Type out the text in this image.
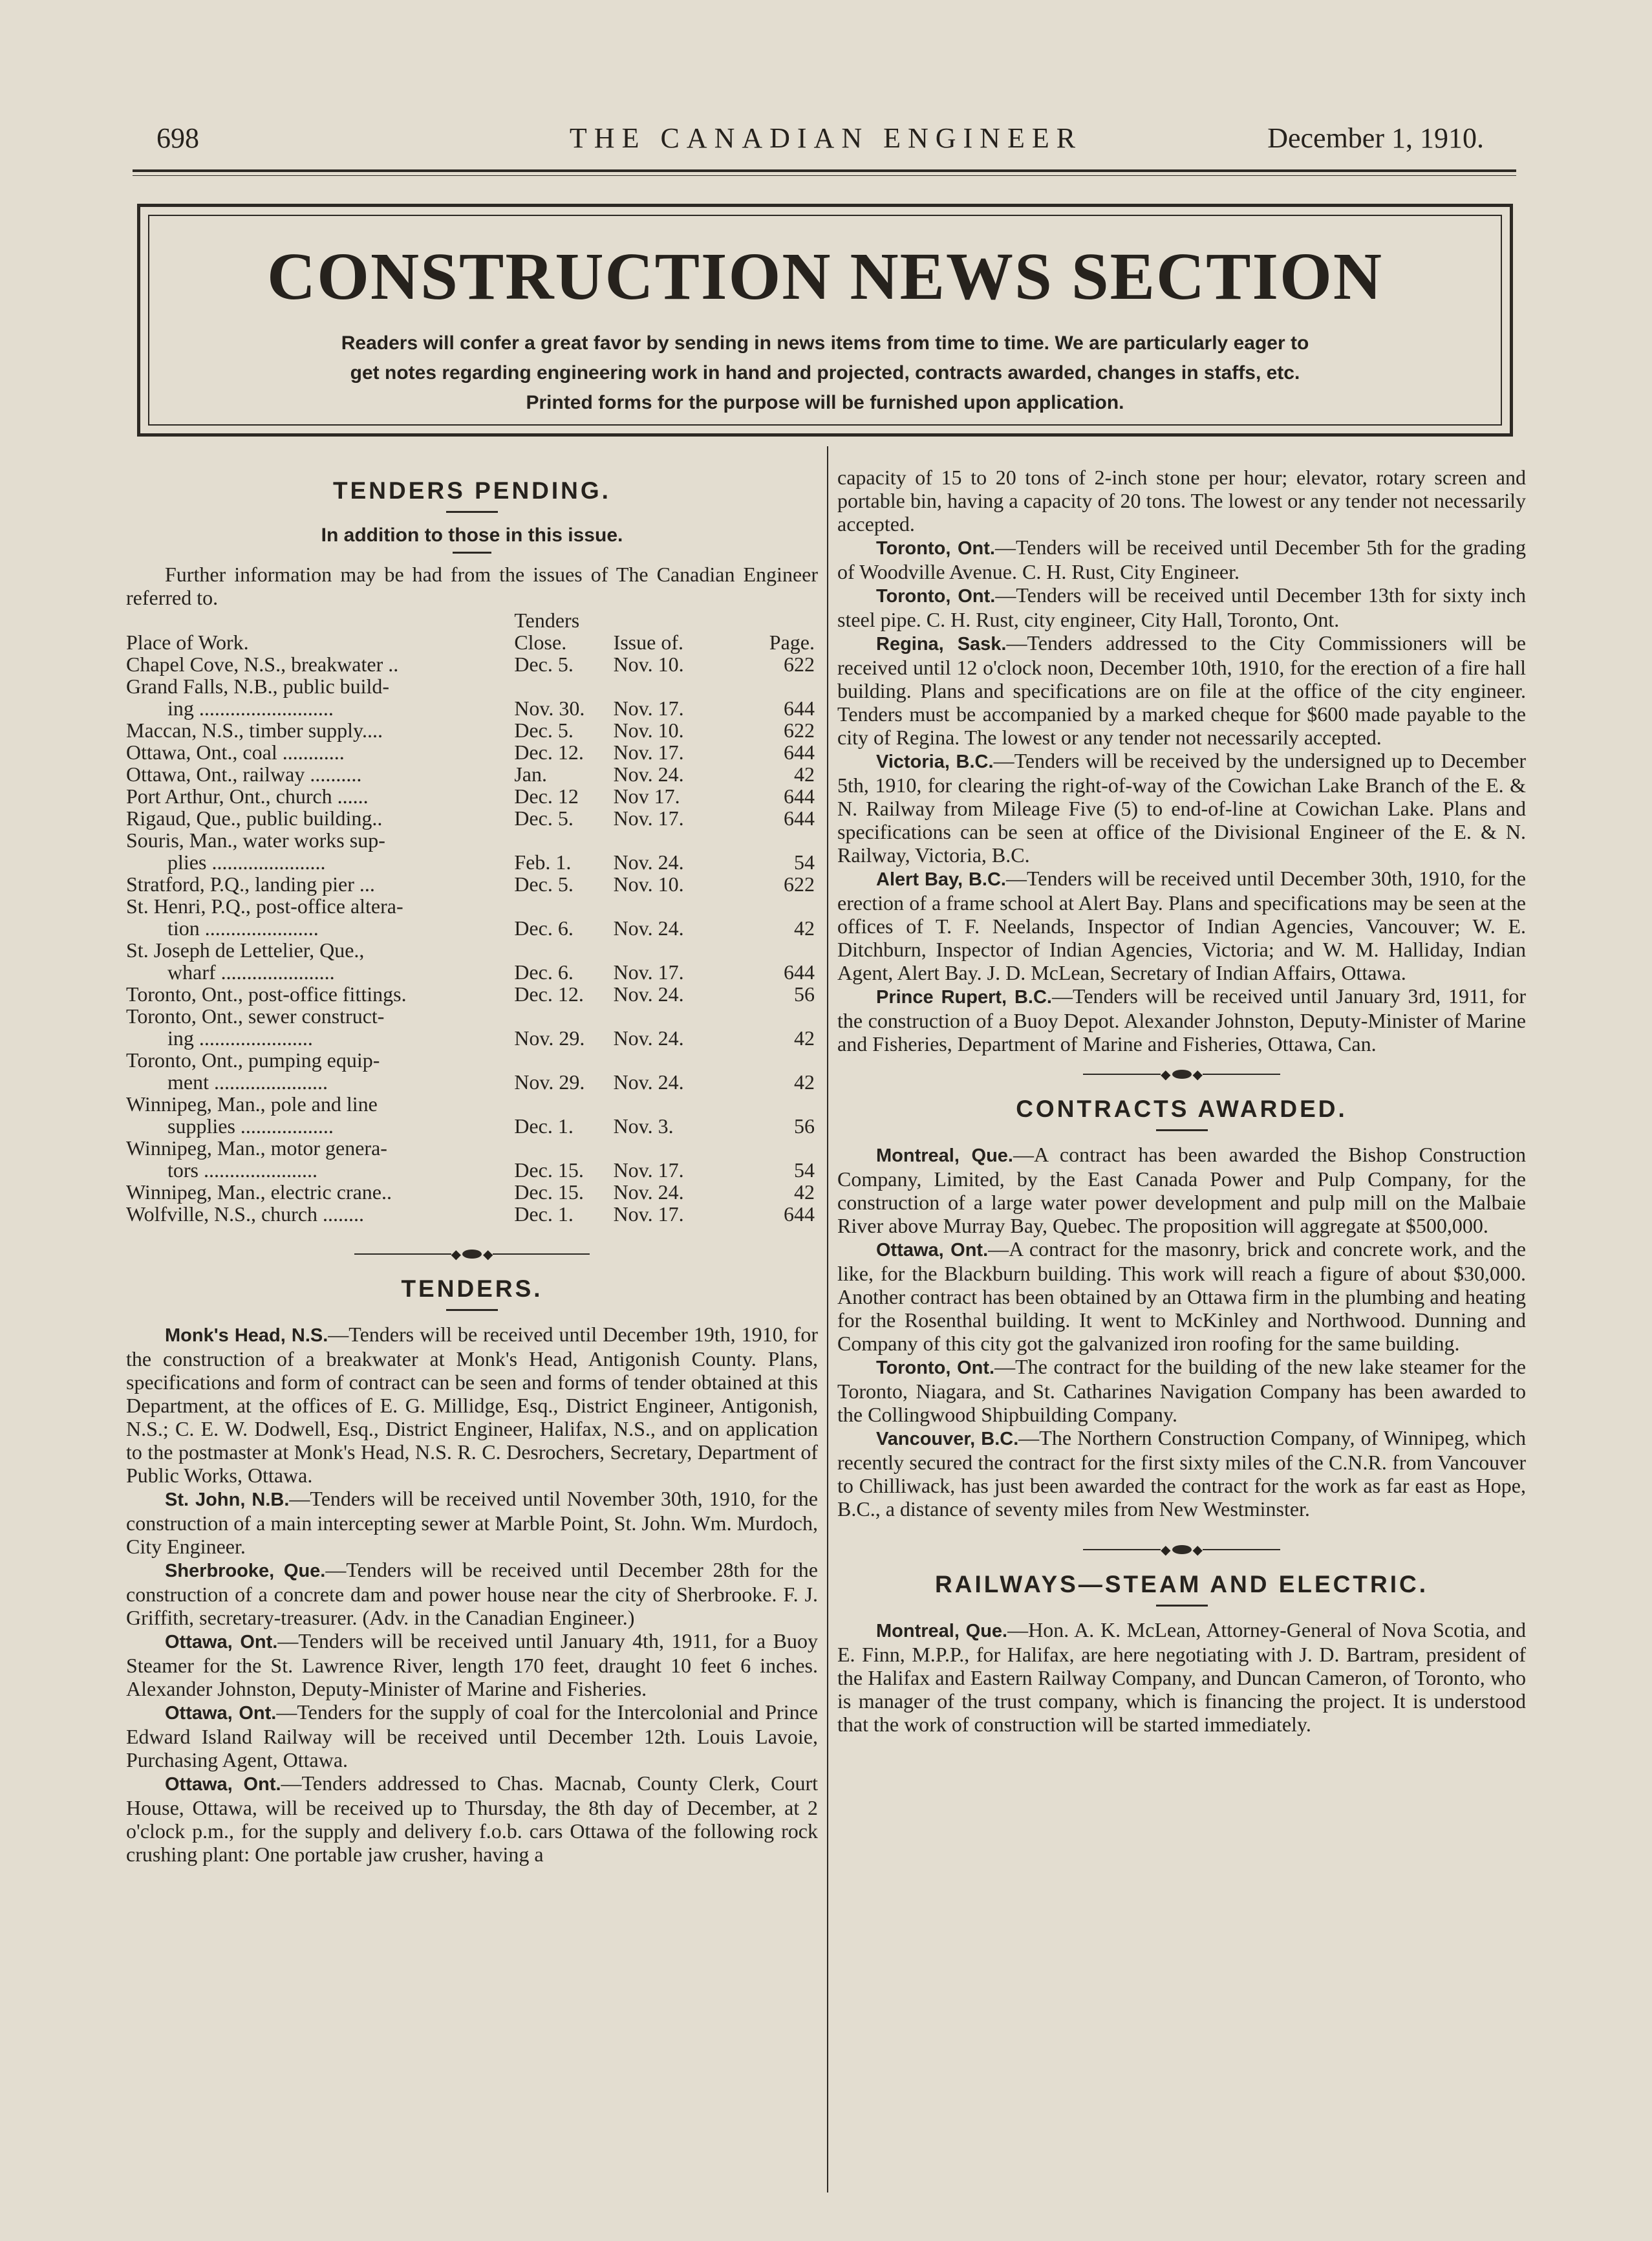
698	THE CANADIAN ENGINEER	December 1, 1910.
CONSTRUCTION NEWS SECTION
Readers will confer a great favor by sending in news items from time to time. We are particularly eager to
get notes regarding engineering work in hand and projected, contracts awarded, changes in staffs, etc.
Printed forms for the purpose will be furnished upon application.
TENDERS PENDING.
In addition to those in this issue.

Further information may be had from the issues of The Canadian Engineer referred to.

	Tenders		
Place of Work.	Close.	Issue of.	Page.
Chapel Cove, N.S., breakwater ..	Dec. 5.	Nov. 10.	622
Grand Falls, N.B., public build-			
ing ..........................	Nov. 30.	Nov. 17.	644
Maccan, N.S., timber supply....	Dec. 5.	Nov. 10.	622
Ottawa, Ont., coal ............	Dec. 12.	Nov. 17.	644
Ottawa, Ont., railway ..........	Jan.	Nov. 24.	42
Port Arthur, Ont., church ......	Dec. 12	Nov 17.	644
Rigaud, Que., public building..	Dec. 5.	Nov. 17.	644
Souris, Man., water works sup-			
plies ......................	Feb. 1.	Nov. 24.	54
Stratford, P.Q., landing pier ...	Dec. 5.	Nov. 10.	622
St. Henri, P.Q., post-office altera-			
tion ......................	Dec. 6.	Nov. 24.	42
St. Joseph de Lettelier, Que.,			
wharf ......................	Dec. 6.	Nov. 17.	644
Toronto, Ont., post-office fittings.	Dec. 12.	Nov. 24.	56
Toronto, Ont., sewer construct-			
ing ......................	Nov. 29.	Nov. 24.	42
Toronto, Ont., pumping equip-			
ment ......................	Nov. 29.	Nov. 24.	42
Winnipeg, Man., pole and line			
supplies ..................	Dec. 1.	Nov. 3.	56
Winnipeg, Man., motor genera-			
tors ......................	Dec. 15.	Nov. 17.	54
Winnipeg, Man., electric crane..	Dec. 15.	Nov. 24.	42
Wolfville, N.S., church ........	Dec. 1.	Nov. 17.	644
◆ ◆
TENDERS.

Monk's Head, N.S.—Tenders will be received until December 19th, 1910, for the construction of a breakwater at Monk's Head, Antigonish County. Plans, specifications and form of contract can be seen and forms of tender obtained at this Department, at the offices of E. G. Millidge, Esq., District Engineer, Antigonish, N.S.; C. E. W. Dodwell, Esq., District Engineer, Halifax, N.S., and on application to the postmaster at Monk's Head, N.S. R. C. Desrochers, Secretary, Department of Public Works, Ottawa.

St. John, N.B.—Tenders will be received until November 30th, 1910, for the construction of a main intercepting sewer at Marble Point, St. John. Wm. Murdoch, City Engineer.

Sherbrooke, Que.—Tenders will be received until December 28th for the construction of a concrete dam and power house near the city of Sherbrooke. F. J. Griffith, secretary-treasurer. (Adv. in the Canadian Engineer.)

Ottawa, Ont.—Tenders will be received until January 4th, 1911, for a Buoy Steamer for the St. Lawrence River, length 170 feet, draught 10 feet 6 inches. Alexander Johnston, Deputy-Minister of Marine and Fisheries.

Ottawa, Ont.—Tenders for the supply of coal for the Intercolonial and Prince Edward Island Railway will be received until December 12th. Louis Lavoie, Purchasing Agent, Ottawa.

Ottawa, Ont.—Tenders addressed to Chas. Macnab, County Clerk, Court House, Ottawa, will be received up to Thursday, the 8th day of December, at 2 o'clock p.m., for the supply and delivery f.o.b. cars Ottawa of the following rock crushing plant: One portable jaw crusher, having a

capacity of 15 to 20 tons of 2-inch stone per hour; elevator, rotary screen and portable bin, having a capacity of 20 tons. The lowest or any tender not necessarily accepted.

Toronto, Ont.—Tenders will be received until December 5th for the grading of Woodville Avenue. C. H. Rust, City Engineer.

Toronto, Ont.—Tenders will be received until December 13th for sixty inch steel pipe. C. H. Rust, city engineer, City Hall, Toronto, Ont.

Regina, Sask.—Tenders addressed to the City Commissioners will be received until 12 o'clock noon, December 10th, 1910, for the erection of a fire hall building. Plans and specifications are on file at the office of the city engineer. Tenders must be accompanied by a marked cheque for $600 made payable to the city of Regina. The lowest or any tender not necessarily accepted.

Victoria, B.C.—Tenders will be received by the undersigned up to December 5th, 1910, for clearing the right-of-way of the Cowichan Lake Branch of the E. & N. Railway from Mileage Five (5) to end-of-line at Cowichan Lake. Plans and specifications can be seen at office of the Divisional Engineer of the E. & N. Railway, Victoria, B.C.

Alert Bay, B.C.—Tenders will be received until December 30th, 1910, for the erection of a frame school at Alert Bay. Plans and specifications may be seen at the offices of T. F. Neelands, Inspector of Indian Agencies, Vancouver; W. E. Ditchburn, Inspector of Indian Agencies, Victoria; and W. M. Halliday, Indian Agent, Alert Bay. J. D. McLean, Secretary of Indian Affairs, Ottawa.

Prince Rupert, B.C.—Tenders will be received until January 3rd, 1911, for the construction of a Buoy Depot. Alexander Johnston, Deputy-Minister of Marine and Fisheries, Department of Marine and Fisheries, Ottawa, Can.

◆ ◆
CONTRACTS AWARDED.

Montreal, Que.—A contract has been awarded the Bishop Construction Company, Limited, by the East Canada Power and Pulp Company, for the construction of a large water power development and pulp mill on the Malbaie River above Murray Bay, Quebec. The proposition will aggregate at $500,000.

Ottawa, Ont.—A contract for the masonry, brick and concrete work, and the like, for the Blackburn building. This work will reach a figure of about $30,000. Another contract has been obtained by an Ottawa firm in the plumbing and heating for the Rosenthal building. It went to McKinley and Northwood. Dunning and Company of this city got the galvanized iron roofing for the same building.

Toronto, Ont.—The contract for the building of the new lake steamer for the Toronto, Niagara, and St. Catharines Navigation Company has been awarded to the Collingwood Shipbuilding Company.

Vancouver, B.C.—The Northern Construction Company, of Winnipeg, which recently secured the contract for the first sixty miles of the C.N.R. from Vancouver to Chilliwack, has just been awarded the contract for the work as far east as Hope, B.C., a distance of seventy miles from New Westminster.

◆ ◆
RAILWAYS—STEAM AND ELECTRIC.

Montreal, Que.—Hon. A. K. McLean, Attorney-General of Nova Scotia, and E. Finn, M.P.P., for Halifax, are here negotiating with J. D. Bartram, president of the Halifax and Eastern Railway Company, and Duncan Cameron, of Toronto, who is manager of the trust company, which is financing the project. It is understood that the work of construction will be started immediately.
